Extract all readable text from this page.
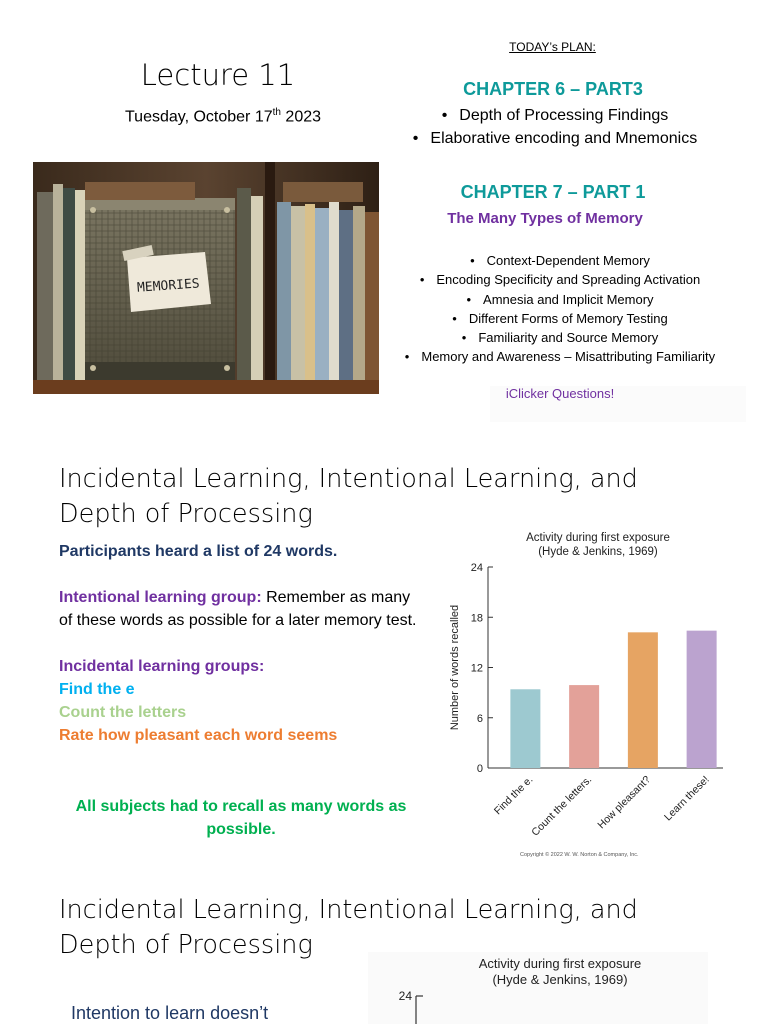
Lecture 11
Tuesday, October 17th 2023
TODAY’s PLAN:
CHAPTER 6 – PART3
• Depth of Processing Findings
• Elaborative encoding and Mnemonics
MEMORIES
CHAPTER 7 – PART 1
The Many Types of Memory
• Context-Dependent Memory
• Encoding Specificity and Spreading Activation
• Amnesia and Implicit Memory
• Different Forms of Memory Testing
• Familiarity and Source Memory
• Memory and Awareness – Misattributing Familiarity
iClicker Questions!
Incidental Learning, Intentional Learning, and Depth of Processing
Participants heard a list of 24 words.
Intentional learning group: Remember as many of these words as possible for a later memory test.
Incidental learning groups:
Find the e
Count the letters
Rate how pleasant each word seems
All subjects had to recall as many words as possible.
Activity during first exposure
(Hyde & Jenkins, 1969)
Number of words recalled
0
6
12
18
24
Find the e.
Count the letters. How pleasant? Learn these!
Copyright © 2022 W. W. Norton & Company, Inc.
Incidental Learning, Intentional Learning, and Depth of Processing
Intention to learn doesn’t
Activity during first exposure
(Hyde & Jenkins, 1969)
24
